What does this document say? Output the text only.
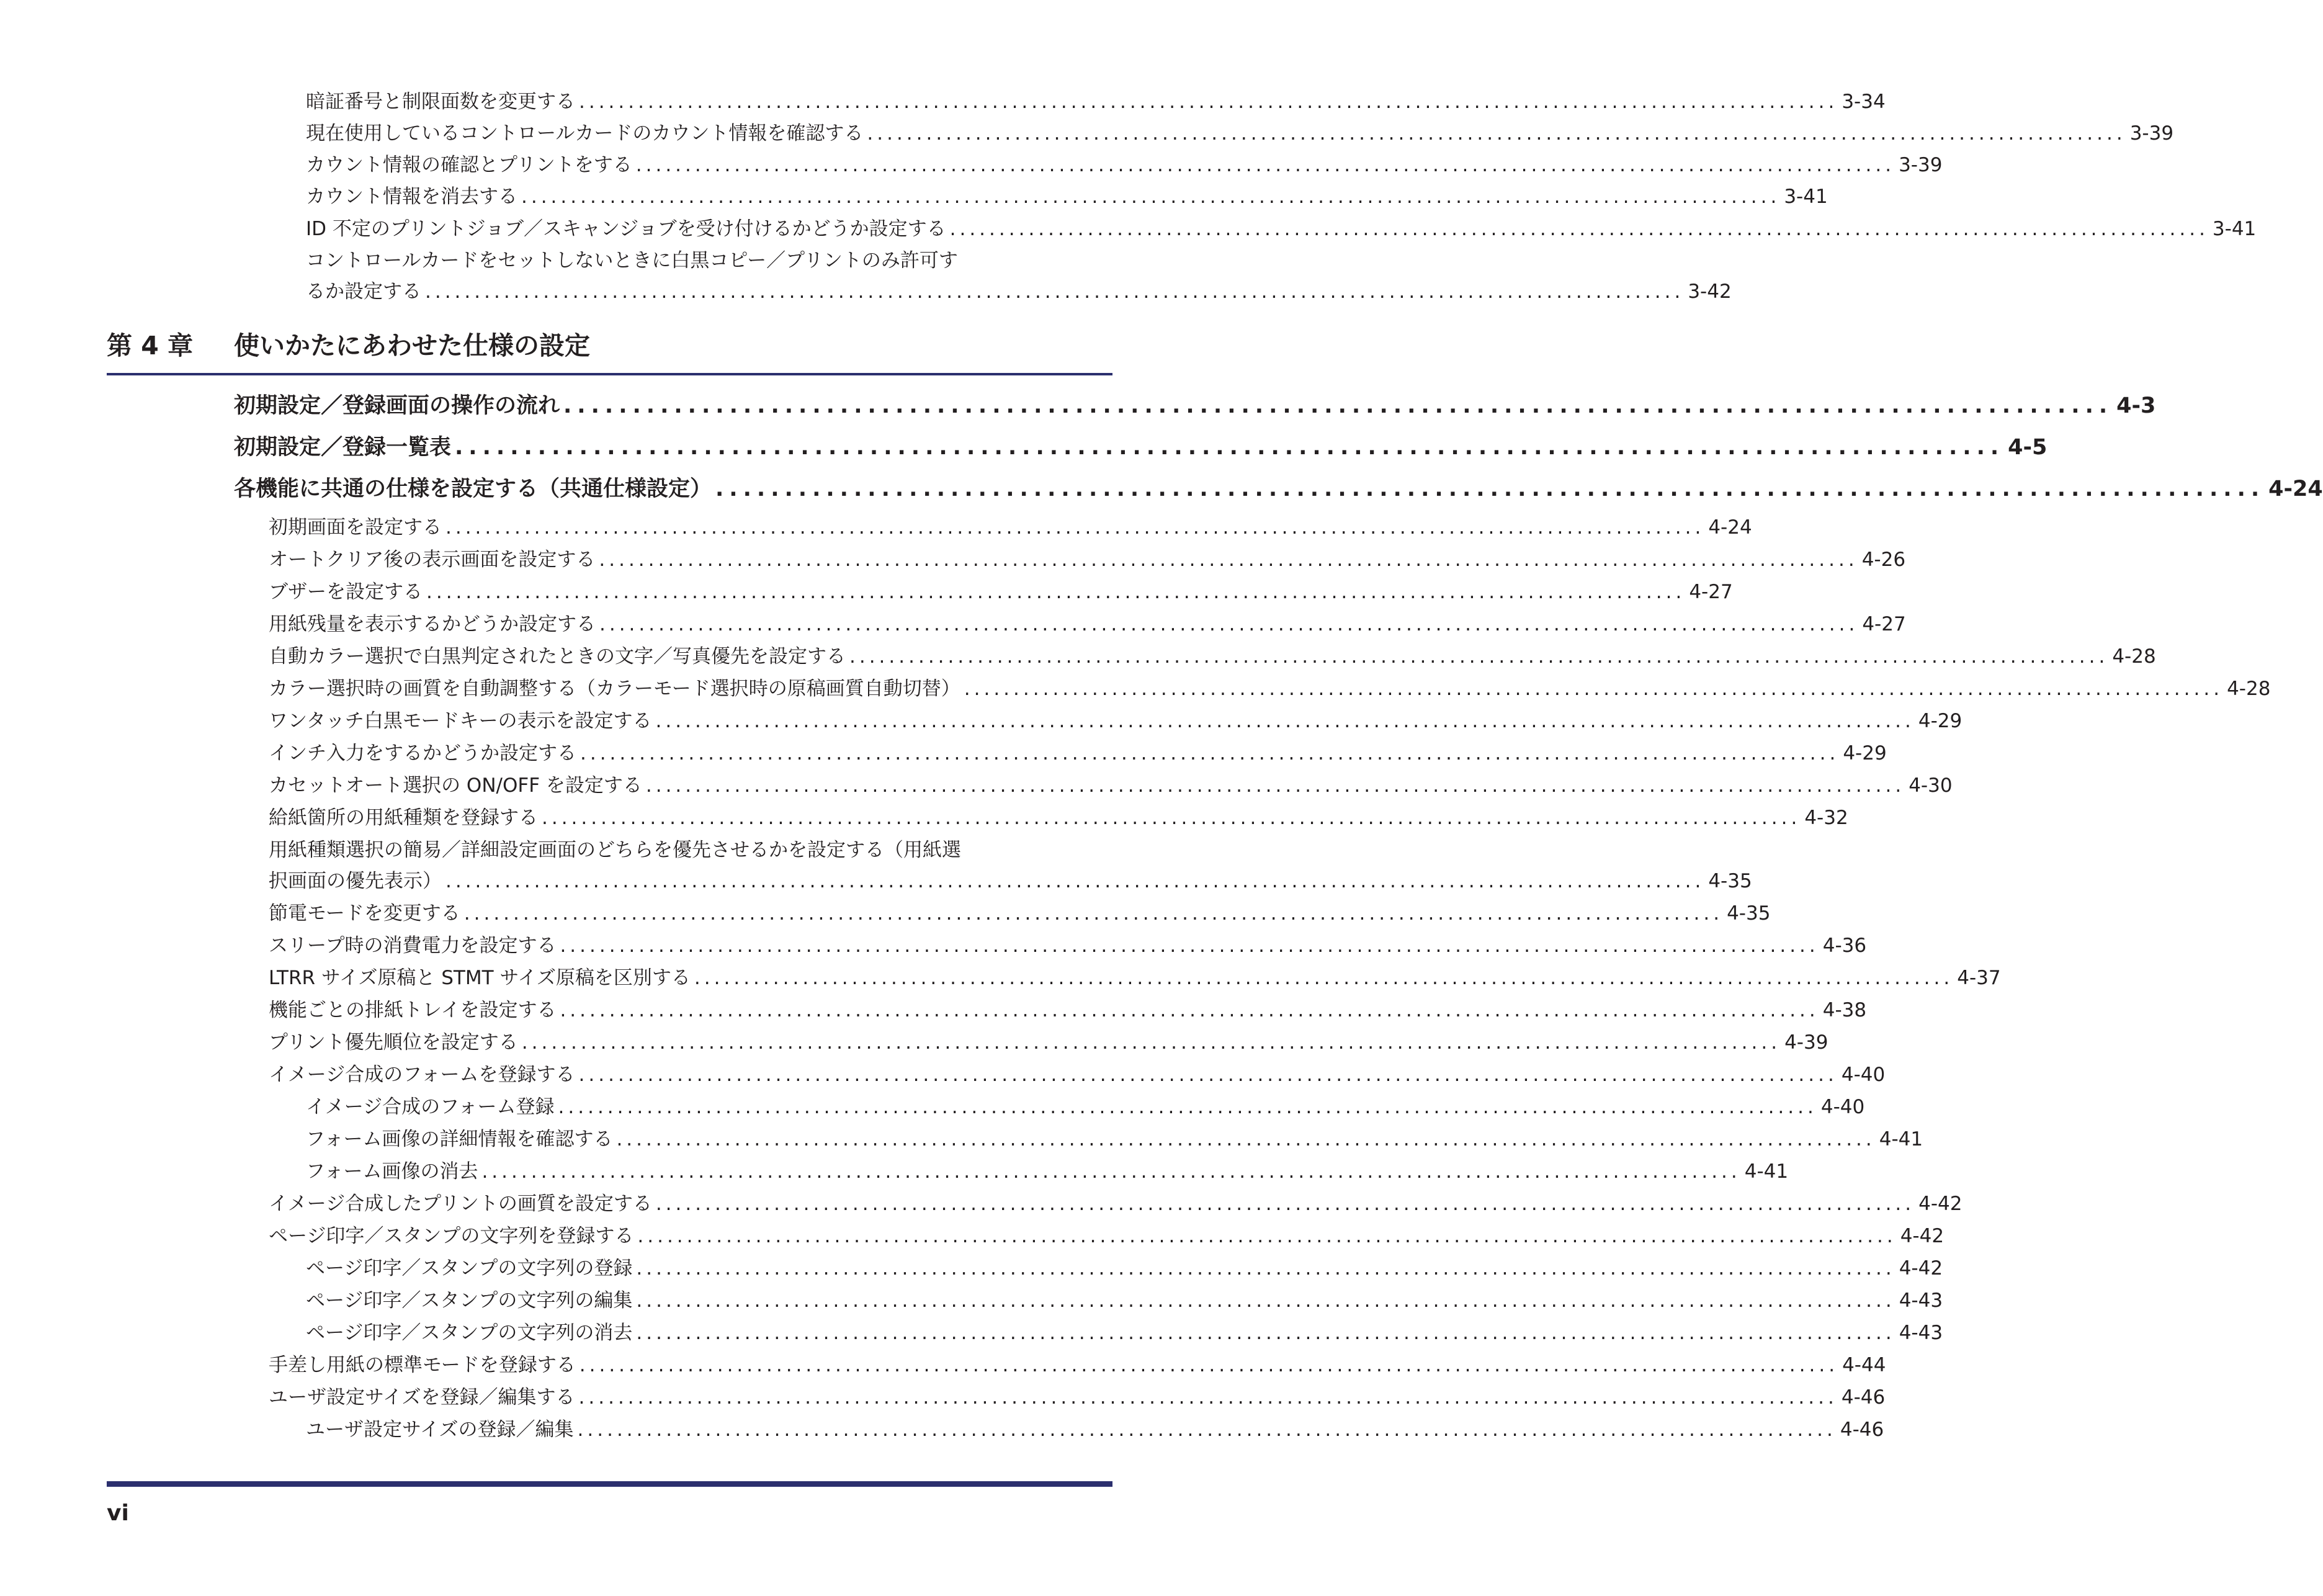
暗証番号と制限面数を変更する ................................................................................................................................ 3-34
現在使用しているコントロールカードのカウント情報を確認する ................................................................................................................................ 3-39
カウント情報の確認とプリントをする ................................................................................................................................ 3-39
カウント情報を消去する ................................................................................................................................ 3-41
ID 不定のプリントジョブ／スキャンジョブを受け付けるかどうか設定する ................................................................................................................................ 3-41
コントロールカードをセットしないときに白黒コピー／プリントのみ許可す
るか設定する ................................................................................................................................ 3-42
第 4 章 使いかたにあわせた仕様の設定
初期設定／登録画面の操作の流れ ................................................................................................................ 4-3
初期設定／登録一覧表 ................................................................................................................ 4-5
各機能に共通の仕様を設定する（共通仕様設定） ................................................................................................................ 4-24
初期画面を設定する ................................................................................................................................ 4-24
オートクリア後の表示画面を設定する ................................................................................................................................ 4-26
ブザーを設定する ................................................................................................................................ 4-27
用紙残量を表示するかどうか設定する ................................................................................................................................ 4-27
自動カラー選択で白黒判定されたときの文字／写真優先を設定する ................................................................................................................................ 4-28
カラー選択時の画質を自動調整する（カラーモード選択時の原稿画質自動切替） ................................................................................................................................ 4-28
ワンタッチ白黒モードキーの表示を設定する ................................................................................................................................ 4-29
インチ入力をするかどうか設定する ................................................................................................................................ 4-29
カセットオート選択の ON/OFF を設定する ................................................................................................................................ 4-30
給紙箇所の用紙種類を登録する ................................................................................................................................ 4-32
用紙種類選択の簡易／詳細設定画面のどちらを優先させるかを設定する（用紙選
択画面の優先表示） ................................................................................................................................ 4-35
節電モードを変更する ................................................................................................................................ 4-35
スリープ時の消費電力を設定する ................................................................................................................................ 4-36
LTRR サイズ原稿と STMT サイズ原稿を区別する ................................................................................................................................ 4-37
機能ごとの排紙トレイを設定する ................................................................................................................................ 4-38
プリント優先順位を設定する ................................................................................................................................ 4-39
イメージ合成のフォームを登録する ................................................................................................................................ 4-40
イメージ合成のフォーム登録 ................................................................................................................................ 4-40
フォーム画像の詳細情報を確認する ................................................................................................................................ 4-41
フォーム画像の消去 ................................................................................................................................ 4-41
イメージ合成したプリントの画質を設定する ................................................................................................................................ 4-42
ページ印字／スタンプの文字列を登録する ................................................................................................................................ 4-42
ページ印字／スタンプの文字列の登録 ................................................................................................................................ 4-42
ページ印字／スタンプの文字列の編集 ................................................................................................................................ 4-43
ページ印字／スタンプの文字列の消去 ................................................................................................................................ 4-43
手差し用紙の標準モードを登録する ................................................................................................................................ 4-44
ユーザ設定サイズを登録／編集する ................................................................................................................................ 4-46
ユーザ設定サイズの登録／編集 ................................................................................................................................ 4-46
vi
